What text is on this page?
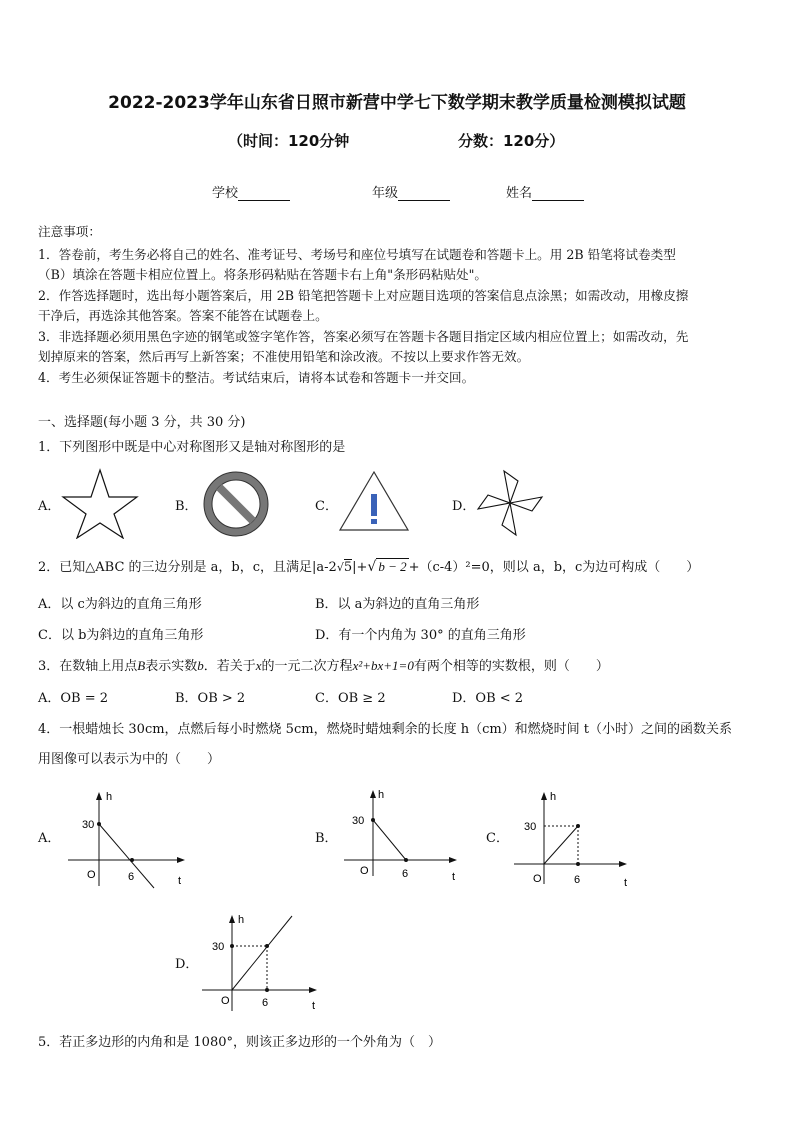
2022-2023学年山东省日照市新营中学七下数学期末教学质量检测模拟试题
（时间：120分钟	分数：120分）
学校	年级	姓名
注意事项：
1．答卷前，考生务必将自己的姓名、准考证号、考场号和座位号填写在试题卷和答题卡上。用 2B 铅笔将试卷类型
（B）填涂在答题卡相应位置上。将条形码粘贴在答题卡右上角"条形码粘贴处"。
2．作答选择题时，选出每小题答案后，用 2B 铅笔把答题卡上对应题目选项的答案信息点涂黑；如需改动，用橡皮擦
干净后，再选涂其他答案。答案不能答在试题卷上。
3．非选择题必须用黑色字迹的钢笔或签字笔作答，答案必须写在答题卡各题目指定区域内相应位置上；如需改动，先
划掉原来的答案，然后再写上新答案；不准使用铅笔和涂改液。不按以上要求作答无效。
4．考生必须保证答题卡的整洁。考试结束后，请将本试卷和答题卡一并交回。
一、选择题(每小题 3 分，共 30 分)
1．下列图形中既是中心对称图形又是轴对称图形的是
A．	B．	C．	D．
2．已知△ABC 的三边分别是 a，b，c，且满足|a-2√5|+√ b − 2 +（c-4）²=0，则以 a，b，c为边可构成（　　）
A．以 c为斜边的直角三角形	B．以 a为斜边的直角三角形
C．以 b为斜边的直角三角形	D．有一个内角为 30° 的直角三角形
3．在数轴上用点B表示实数b．若关于x的一元二次方程x²+bx+1=0有两个相等的实数根，则（　　）
A．OB = 2	B．OB > 2	C．OB ≥ 2	D．OB < 2
4．一根蜡烛长 30cm，点燃后每小时燃烧 5cm，燃烧时蜡烛剩余的长度 h（cm）和燃烧时间 t（小时）之间的函数关系
用图像可以表示为中的（　　）
A．
h
30
O	6	t
B．
h
30
O	6	t
C．
h
30
O	6	t
D．
h
30
O	6	t
5．若正多边形的内角和是 1080°，则该正多边形的一个外角为（　）
